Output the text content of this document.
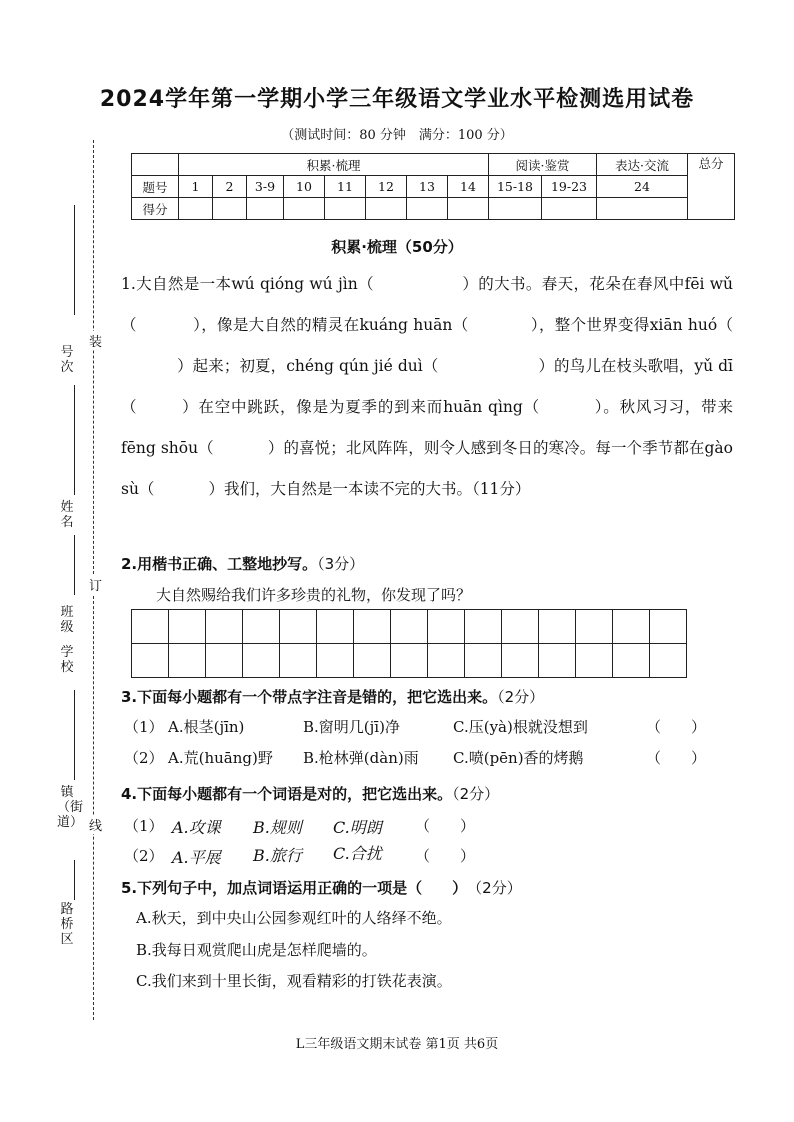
号次
姓名
班级
学校
镇（街道）
路桥区
装
订
线
2024学年第一学期小学三年级语文学业水平检测选用试卷
（测试时间：80 分钟　满分：100 分）
	积累·梳理								阅读·鉴赏		表达·交流	总分
题号	1	2	3-9	10	11	12	13	14	15-18	19-23	24	
得分												
积累·梳理（50分）
1.大自然是一本wú qióng wú jìn（	）的大书。春天，花朵在春风中fēi wǔ（	），像是大自然的精灵在kuáng huān（	），整个世界变得xiān huó（）起来；初夏，chéng qún jié duì（	）的鸟儿在枝头歌唱，yǔ dī（	）在空中跳跃，像是为夏季的到来而huān qìng（	）。秋风习习，带来fēng shōu（	）的喜悦；北风阵阵，则令人感到冬日的寒冷。每一个季节都在gào sù（	）我们，大自然是一本读不完的大书。（11分）
2.用楷书正确、工整地抄写。（3分）
大自然赐给我们许多珍贵的礼物，你发现了吗？

3.下面每小题都有一个带点字注音是错的，把它选出来。（2分）
（1） A.根茎(jīn)	B.窗明几(jī)净	C.压(yà)根就没想到	（　　）
（2） A.荒(huāng)野 B.枪林弹(dàn)雨 C.喷(pēn)香的烤鹅	（　　）
4.下面每小题都有一个词语是对的，把它选出来。（2分）
（1） A.攻课 B.规则 C.明朗 （　　）
（2） A.平展 B.旅行 C.合扰 （　　）
5.下列句子中，加点词语运用正确的一项是（　　）　 （2分）
A.秋天，到中央山公园参观红叶的人络绎不绝。
B.我每日观赏爬山虎是怎样爬墙的。
C.我们来到十里长街，观看精彩的打铁花表演。
L三年级语文期末试卷 第1页 共6页
